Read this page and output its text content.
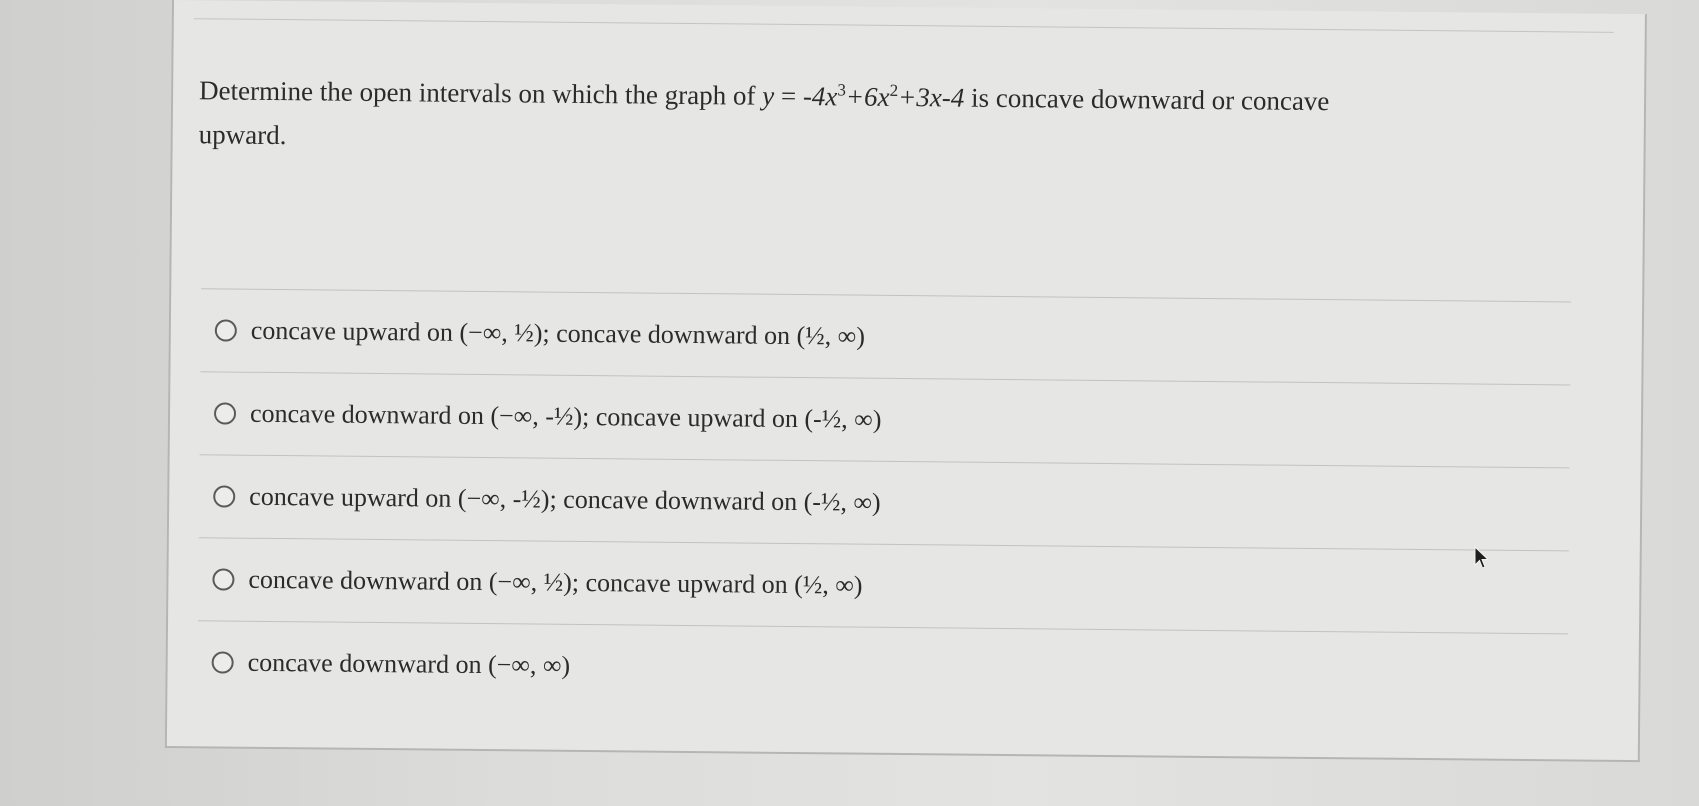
Determine the open intervals on which the graph of $y = -4x^3+6x^2+3x-4$ is concave downward or concave
upward.
concave upward on (−∞, ½); concave downward on (½, ∞)
concave downward on (−∞, -½); concave upward on (-½, ∞)
concave upward on (−∞, -½); concave downward on (-½, ∞)
concave downward on (−∞, ½); concave upward on (½, ∞)
concave downward on (−∞, ∞)
